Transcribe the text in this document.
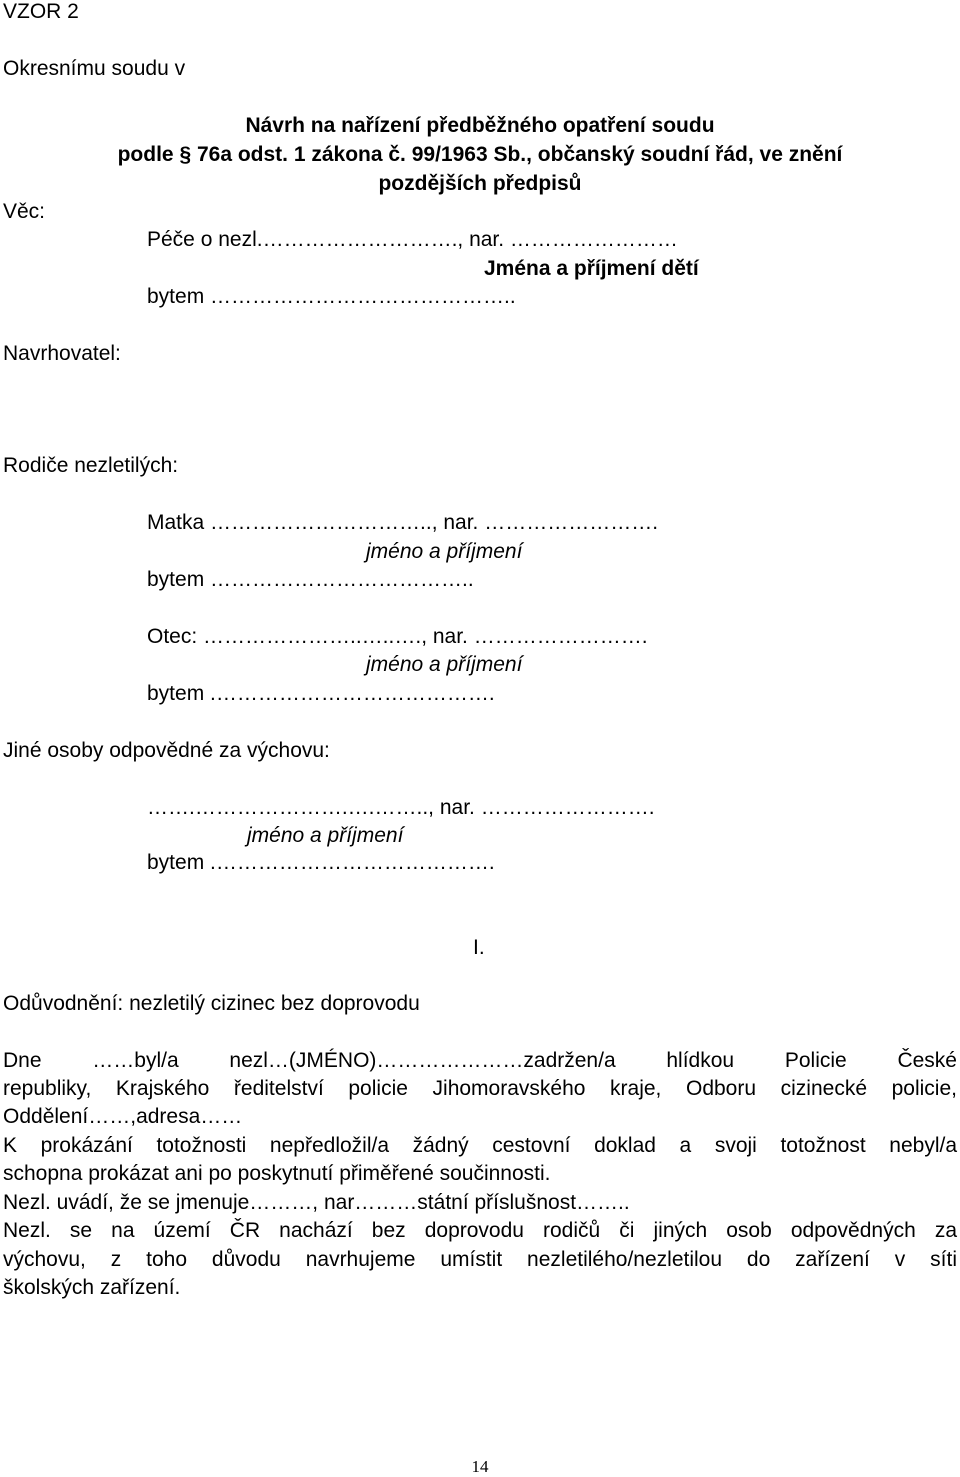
VZOR 2
Okresnímu soudu v
Návrh na nařízení předběžného opatření soudu
podle § 76a odst. 1 zákona č. 99/1963 Sb., občanský soudní řád, ve znění
pozdějších předpisů
Věc:
Péče o nezl.………………………., nar. ……………………
Jména a příjmení dětí
bytem ……………………………………..
Navrhovatel:
Rodiče nezletilých:
Matka ………………………….., nar. …………………….
jméno a příjmení
bytem ………………………………..
Otec: …………………..…..…., nar. …………………….
jméno a příjmení
bytem .………………………………….
Jiné osoby odpovědné za výchovu:
…….………………….….…….., nar. …………………….
jméno a příjmení
bytem .………………………………….
I.
Odůvodnění: nezletilý cizinec bez doprovodu
Dne ……byl/a nezl…(JMÉNO)…………………zadržen/a hlídkou Policie České
republiky, Krajského ředitelství policie Jihomoravského kraje, Odboru cizinecké policie,
Oddělení……,adresa……
K prokázání totožnosti nepředložil/a žádný cestovní doklad a svoji totožnost nebyl/a
schopna prokázat ani po poskytnutí přiměřené součinnosti.
Nezl. uvádí, že se jmenuje………, nar………státní příslušnost……..
Nezl. se na území ČR nachází bez doprovodu rodičů či jiných osob odpovědných za
výchovu, z toho důvodu navrhujeme umístit nezletilého/nezletilou do zařízení v síti
školských zařízení.
14
